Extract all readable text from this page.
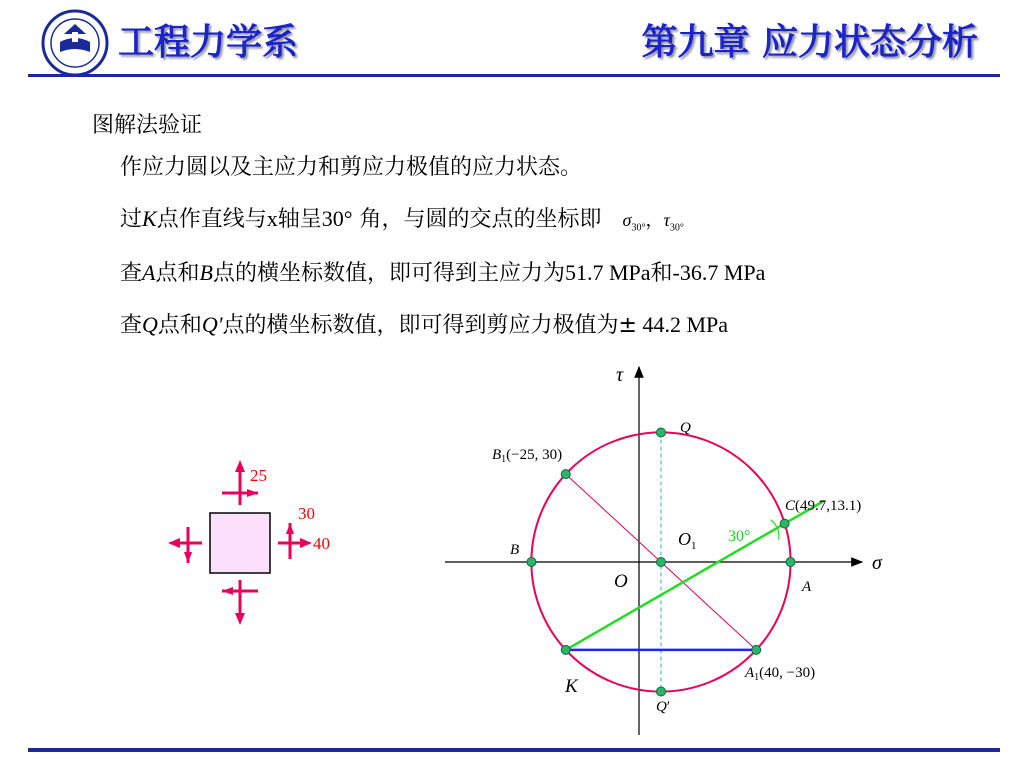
工程力学系	第九章 应力状态分析
图解法验证
作应力圆以及主应力和剪应力极值的应力状态。
过K点作直线与x轴呈30° 角，与圆的交点的坐标即 $\sigma_{30^\circ}$，$\tau_{30^\circ}$
查A点和B点的横坐标数值，即可得到主应力为51.7 MPa和-36.7 MPa
查Q点和Q'点的横坐标数值，即可得到剪应力极值为± 44.2 MPa
25
30
40
σ
τ
O
$B_1(-25$, 30)
Q
C(49.7,13.1)
$O_1$
30°
B
A
$A_1(40$, −30)
K
Q′
